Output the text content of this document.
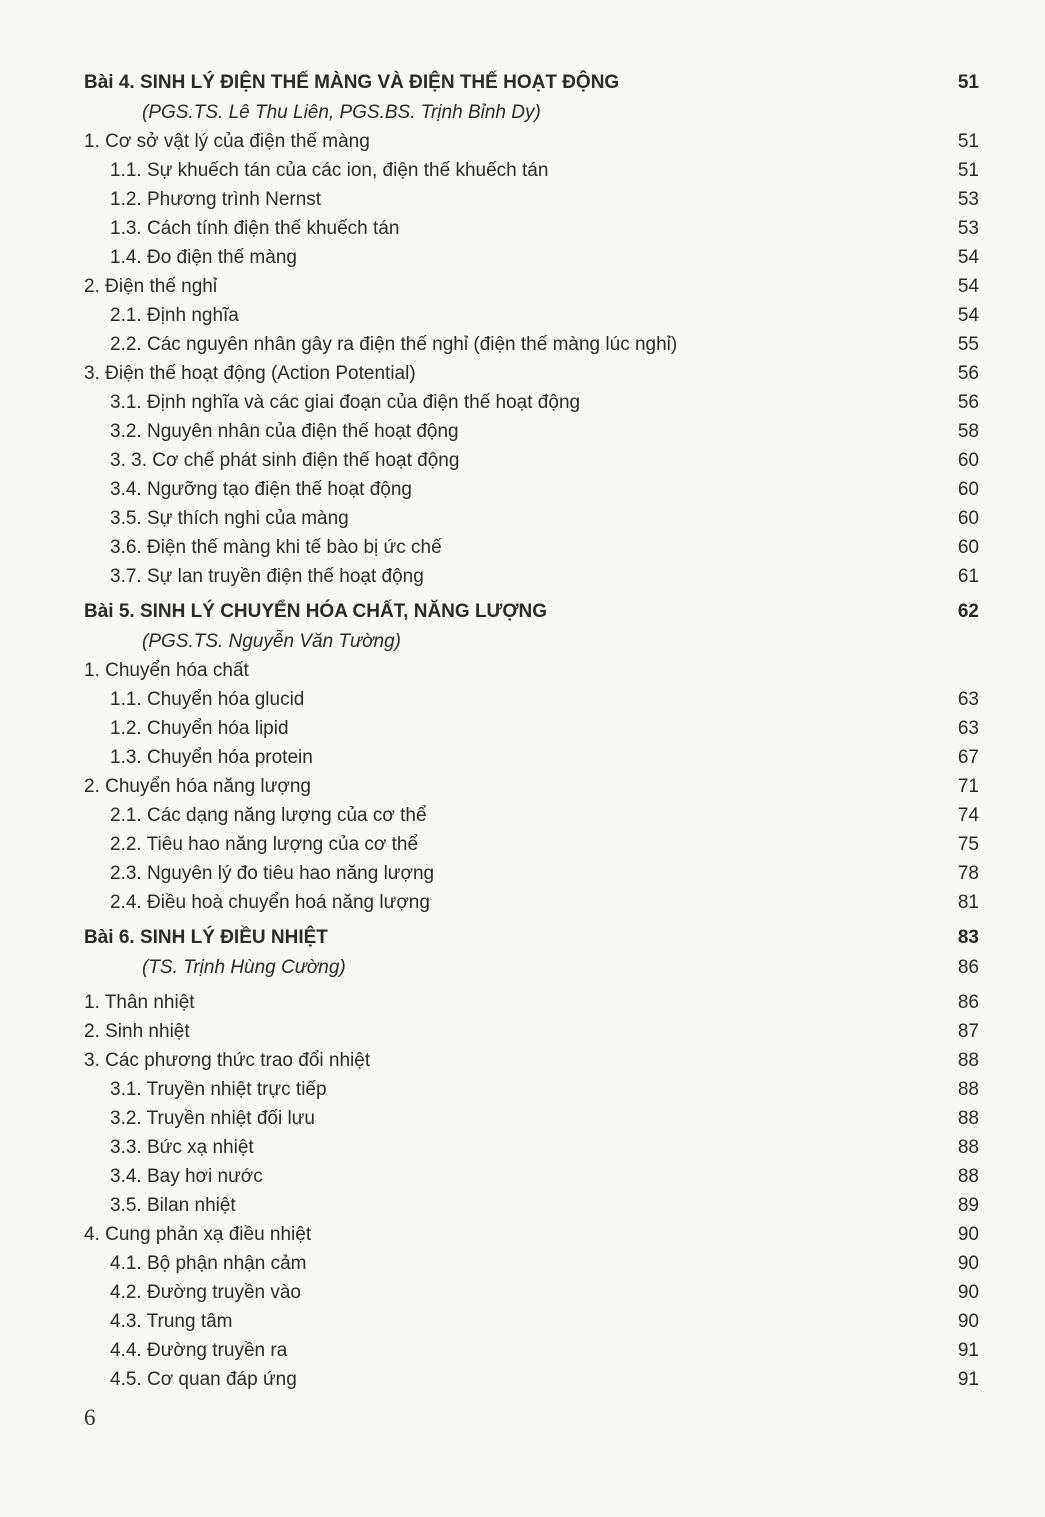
Bài 4. SINH LÝ ĐIỆN THẾ MÀNG VÀ ĐIỆN THẾ HOẠT ĐỘNG	51
(PGS.TS. Lê Thu Liên, PGS.BS. Trịnh Bỉnh Dy)
1. Cơ sở vật lý của điện thế màng	51
1.1. Sự khuếch tán của các ion, điện thế khuếch tán	51
1.2. Phương trình Nernst	53
1.3. Cách tính điện thế khuếch tán	53
1.4. Đo điện thế màng	54
2. Điện thế nghỉ	54
2.1. Định nghĩa	54
2.2. Các nguyên nhân gây ra điện thế nghỉ (điện thế màng lúc nghỉ)	55
3. Điện thế hoạt động (Action Potential)	56
3.1. Định nghĩa và các giai đoạn của điện thế hoạt động	56
3.2. Nguyên nhân của điện thế hoạt động	58
3. 3. Cơ chế phát sinh điện thế hoạt động	60
3.4. Ngưỡng tạo điện thế hoạt động	60
3.5. Sự thích nghi của màng	60
3.6. Điện thế màng khi tế bào bị ức chế	60
3.7. Sự lan truyền điện thế hoạt động	61
Bài 5. SINH LÝ CHUYỂN HÓA CHẤT, NĂNG LƯỢNG	62
(PGS.TS. Nguyễn Văn Tường)
1. Chuyển hóa chất
1.1. Chuyển hóa glucid	63
1.2. Chuyển hóa lipid	63
1.3. Chuyển hóa protein	67
2. Chuyển hóa năng lượng	71
2.1. Các dạng năng lượng của cơ thể	74
2.2. Tiêu hao năng lượng của cơ thể	75
2.3. Nguyên lý đo tiêu hao năng lượng	78
2.4. Điều hoà chuyển hoá năng lượng	81
Bài 6. SINH LÝ ĐIỀU NHIỆT	83
(TS. Trịnh Hùng Cường)	86
1. Thân nhiệt	86
2. Sinh nhiệt	87
3. Các phương thức trao đổi nhiệt	88
3.1. Truyền nhiệt trực tiếp	88
3.2. Truyền nhiệt đối lưu	88
3.3. Bức xạ nhiệt	88
3.4. Bay hơi nước	88
3.5. Bilan nhiệt	89
4. Cung phản xạ điều nhiệt	90
4.1. Bộ phận nhận cảm	90
4.2. Đường truyền vào	90
4.3. Trung tâm	90
4.4. Đường truyền ra	91
4.5. Cơ quan đáp ứng	91
6
